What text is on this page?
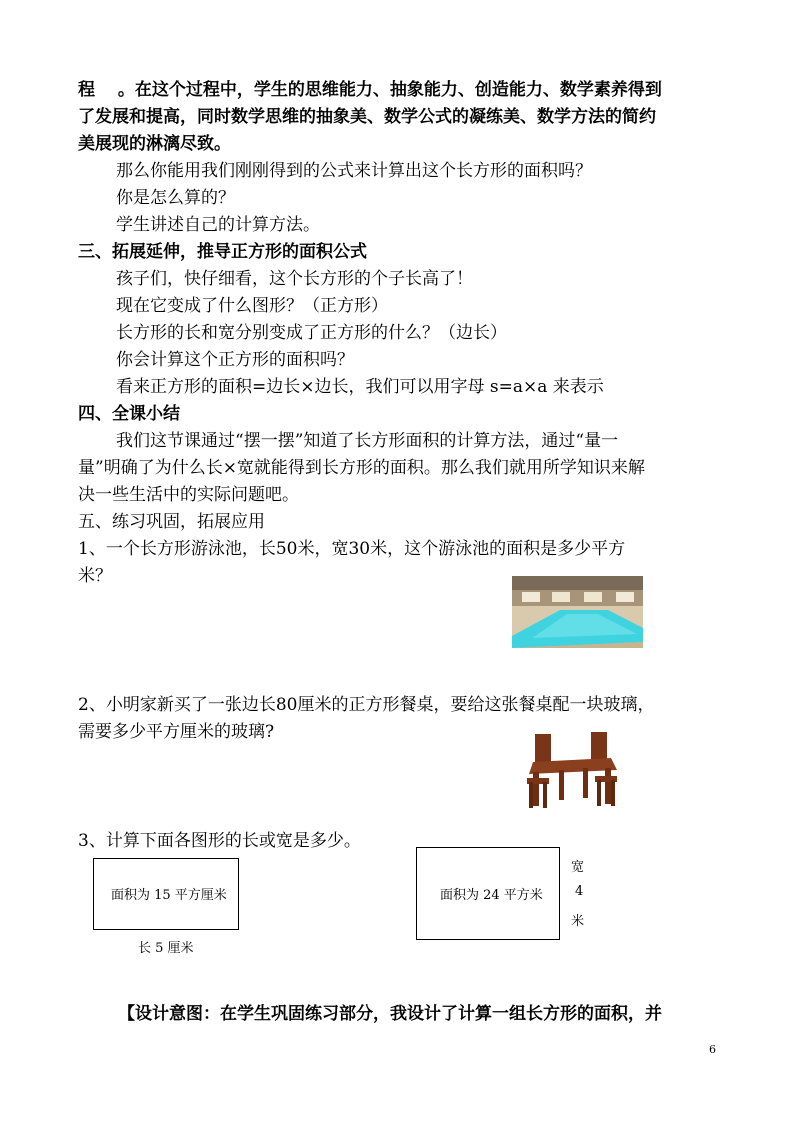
程　 。在这个过程中，学生的思维能力、抽象能力、创造能力、数学素养得到
了发展和提高，同时数学思维的抽象美、数学公式的凝练美、数学方法的简约
美展现的淋漓尽致。
那么你能用我们刚刚得到的公式来计算出这个长方形的面积吗？
你是怎么算的？
学生讲述自己的计算方法。
三、拓展延伸，推导正方形的面积公式
孩子们，快仔细看，这个长方形的个子长高了！
现在它变成了什么图形？（正方形）
长方形的长和宽分别变成了正方形的什么？（边长）
你会计算这个正方形的面积吗？
看来正方形的面积=边长×边长，我们可以用字母 s=a×a 来表示
四、全课小结
我们这节课通过“摆一摆”知道了长方形面积的计算方法，通过“量一
量”明确了为什么长×宽就能得到长方形的面积。那么我们就用所学知识来解
决一些生活中的实际问题吧。
五、练习巩固，拓展应用
1、一个长方形游泳池，长50米，宽30米，这个游泳池的面积是多少平方
米？
2、小明家新买了一张边长80厘米的正方形餐桌，要给这张餐桌配一块玻璃，
需要多少平方厘米的玻璃?
3、计算下面各图形的长或宽是多少。
面积为 15 平方厘米
长 5 厘米
面积为 24 平方米
宽
4
米
【设计意图：在学生巩固练习部分，我设计了计算一组长方形的面积，并
6
